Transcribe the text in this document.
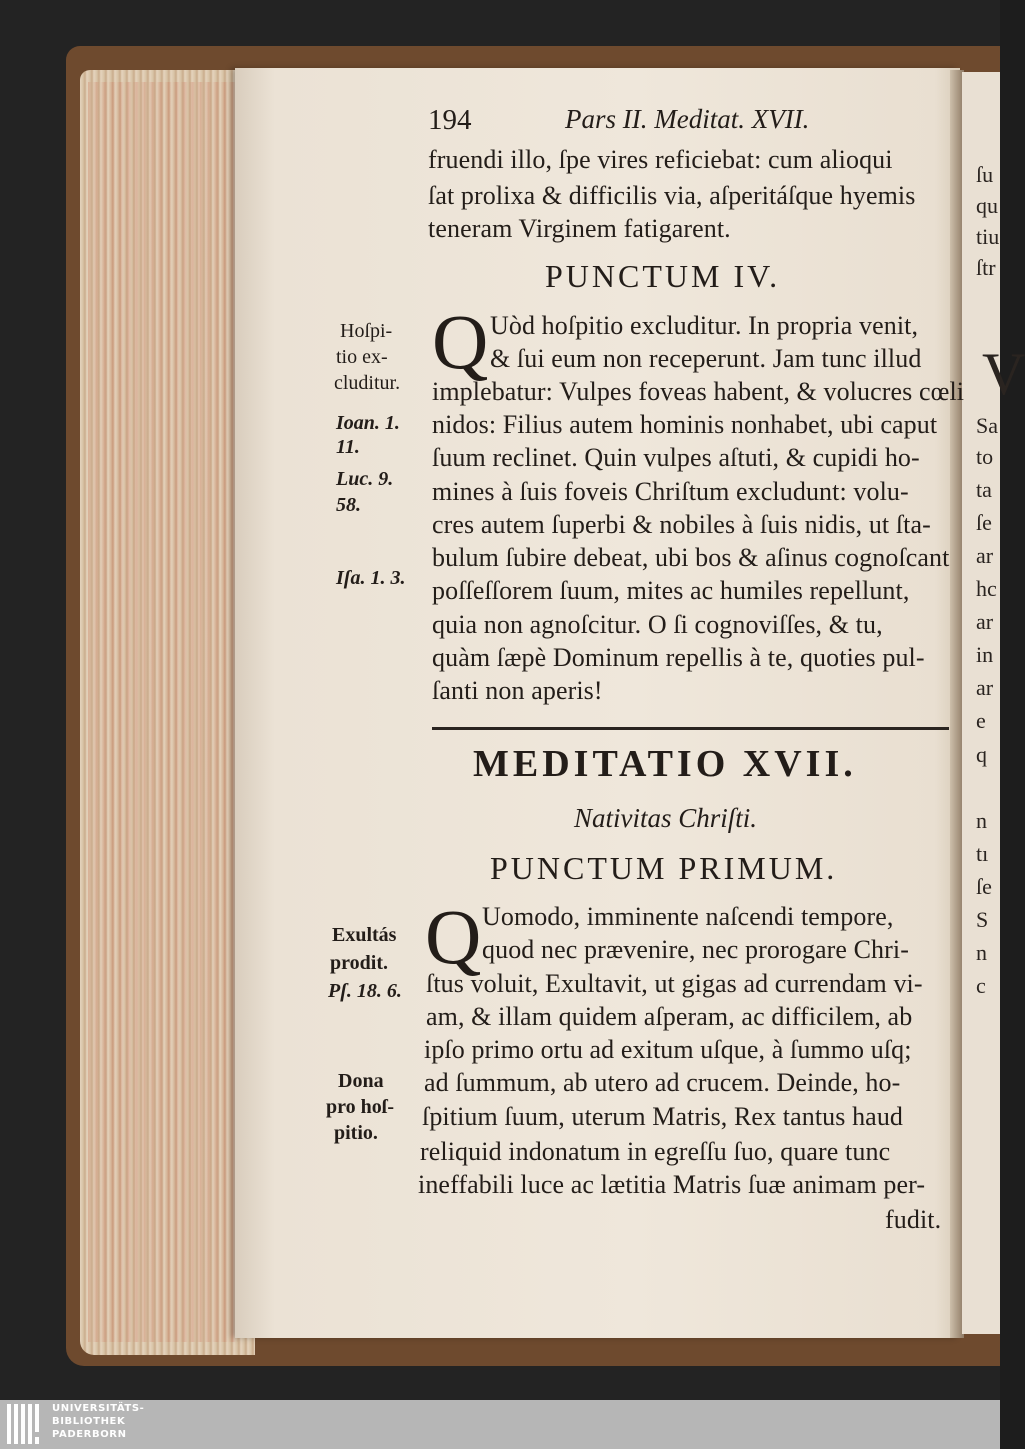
ſu
qu
tiu
ſtr
V
Sa
to
ta
ſe
ar
hc
ar
in
ar
e
q
n
tı
ſe
S
n
c
194	Pars II. Meditat. XVII.
fruendi illo, ſpe vires reficiebat: cum alioqui
ſat prolixa & difficilis via, aſperitáſque hyemis
teneram Virginem fatigarent.
PUNCTUM IV.
Q Uòd hoſpitio excluditur. In propria venit,
& ſui eum non receperunt. Jam tunc illud
implebatur: Vulpes foveas habent, & volucres cœli
nidos: Filius autem hominis nonhabet, ubi caput
ſuum reclinet. Quin vulpes aſtuti, & cupidi ho-
mines à ſuis foveis Chriſtum excludunt: volu-
cres autem ſuperbi & nobiles à ſuis nidis, ut ſta-
bulum ſubire debeat, ubi bos & aſinus cognoſcant
poſſeſſorem ſuum, mites ac humiles repellunt,
quia non agnoſcitur. O ſi cognoviſſes, & tu,
quàm ſæpè Dominum repellis à te, quoties pul-
ſanti non aperis!
Hoſpi-
tio ex-
cluditur.
Ioan. 1.
11.
Luc. 9.
58.
Iſa. 1. 3.
MEDITATIO XVII.
Nativitas Chriſti.
PUNCTUM PRIMUM.
Q Uomodo, imminente naſcendi tempore,
quod nec prævenire, nec prorogare Chri-
ſtus voluit, Exultavit, ut gigas ad currendam vi-
am, & illam quidem aſperam, ac difficilem, ab
ipſo primo ortu ad exitum uſque, à ſummo uſq;
ad ſummum, ab utero ad crucem. Deinde, ho-
ſpitium ſuum, uterum Matris, Rex tantus haud
reliquid indonatum in egreſſu ſuo, quare tunc
ineffabili luce ac lætitia Matris ſuæ animam per-
fudit.
Exultás
prodit.
Pſ. 18. 6.
Dona
pro hoſ-
pitio.
UNIVERSITÄTS-
BIBLIOTHEK
PADERBORN
